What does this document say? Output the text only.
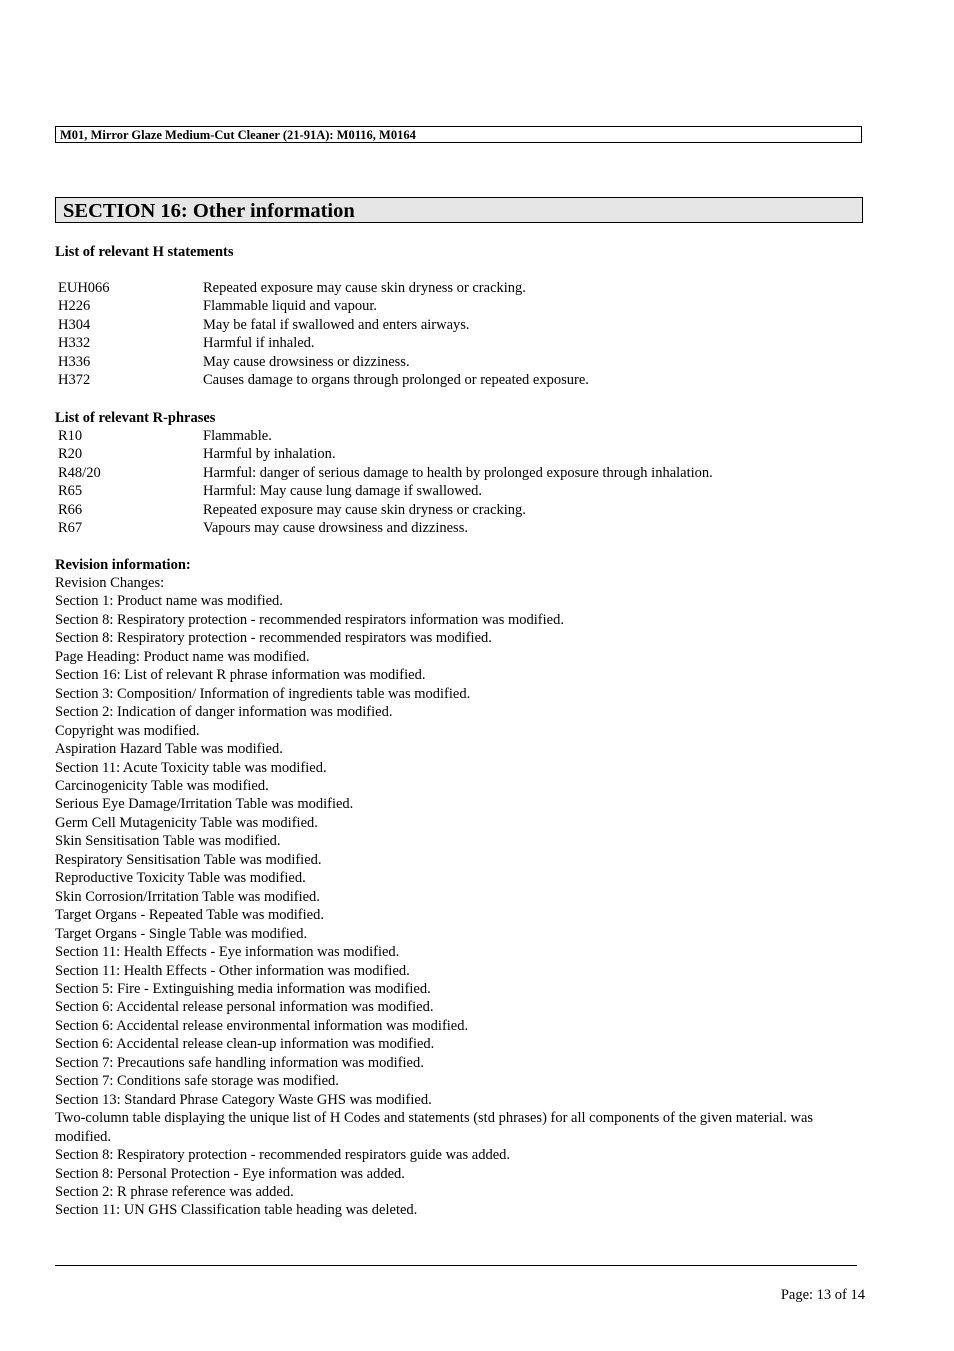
M01, Mirror Glaze Medium-Cut Cleaner (21-91A): M0116, M0164
SECTION 16: Other information
List of relevant H statements
EUH066	Repeated exposure may cause skin dryness or cracking.
H226	Flammable liquid and vapour.
H304	May be fatal if swallowed and enters airways.
H332	Harmful if inhaled.
H336	May cause drowsiness or dizziness.
H372	Causes damage to organs through prolonged or repeated exposure.
List of relevant R-phrases
R10	Flammable.
R20	Harmful by inhalation.
R48/20	Harmful: danger of serious damage to health by prolonged exposure through inhalation.
R65	Harmful: May cause lung damage if swallowed.
R66	Repeated exposure may cause skin dryness or cracking.
R67	Vapours may cause drowsiness and dizziness.
Revision information:
Revision Changes:
Section 1: Product name was modified.
Section 8: Respiratory protection - recommended respirators information was modified.
Section 8: Respiratory protection - recommended respirators was modified.
Page Heading: Product name was modified.
Section 16: List of relevant R phrase information was modified.
Section 3: Composition/ Information of ingredients table was modified.
Section 2: Indication of danger information was modified.
Copyright was modified.
Aspiration Hazard Table was modified.
Section 11: Acute Toxicity table was modified.
Carcinogenicity Table was modified.
Serious Eye Damage/Irritation Table was modified.
Germ Cell Mutagenicity Table was modified.
Skin Sensitisation Table was modified.
Respiratory Sensitisation Table was modified.
Reproductive Toxicity Table was modified.
Skin Corrosion/Irritation Table was modified.
Target Organs - Repeated Table was modified.
Target Organs - Single Table was modified.
Section 11: Health Effects - Eye information was modified.
Section 11: Health Effects - Other information was modified.
Section 5: Fire - Extinguishing media information was modified.
Section 6: Accidental release personal information was modified.
Section 6: Accidental release environmental information was modified.
Section 6: Accidental release clean-up information was modified.
Section 7: Precautions safe handling information was modified.
Section 7: Conditions safe storage was modified.
Section 13: Standard Phrase Category Waste GHS was modified.
Two-column table displaying the unique list of H Codes and statements (std phrases) for all components of the given material. was modified.
Section 8: Respiratory protection - recommended respirators guide was added.
Section 8: Personal Protection - Eye information was added.
Section 2: R phrase reference was added.
Section 11: UN GHS Classification table heading was deleted.
Page: 13 of 14
